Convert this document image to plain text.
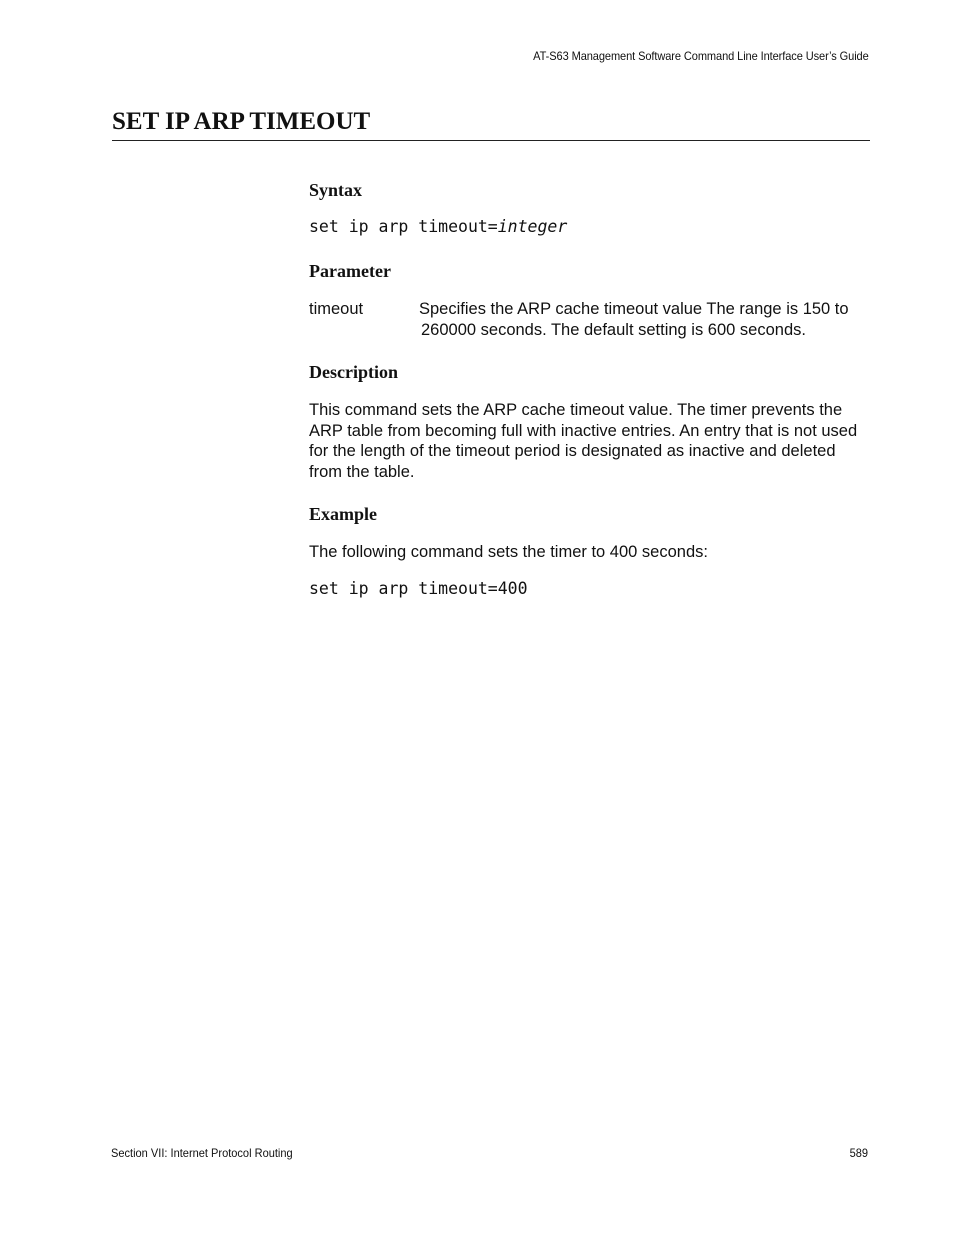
AT-S63 Management Software Command Line Interface User’s Guide
SET IP ARP TIMEOUT
Syntax
set ip arp timeout=integer
Parameter
timeout	Specifies the ARP cache timeout value The range is 150 to
260000 seconds. The default setting is 600 seconds.

Description

This command sets the ARP cache timeout value. The timer prevents the ARP table from becoming full with inactive entries. An entry that is not used for the length of the timeout period is designated as inactive and deleted from the table.

Example

The following command sets the timer to 400 seconds:

set ip arp timeout=400
Section VII: Internet Protocol Routing	589
